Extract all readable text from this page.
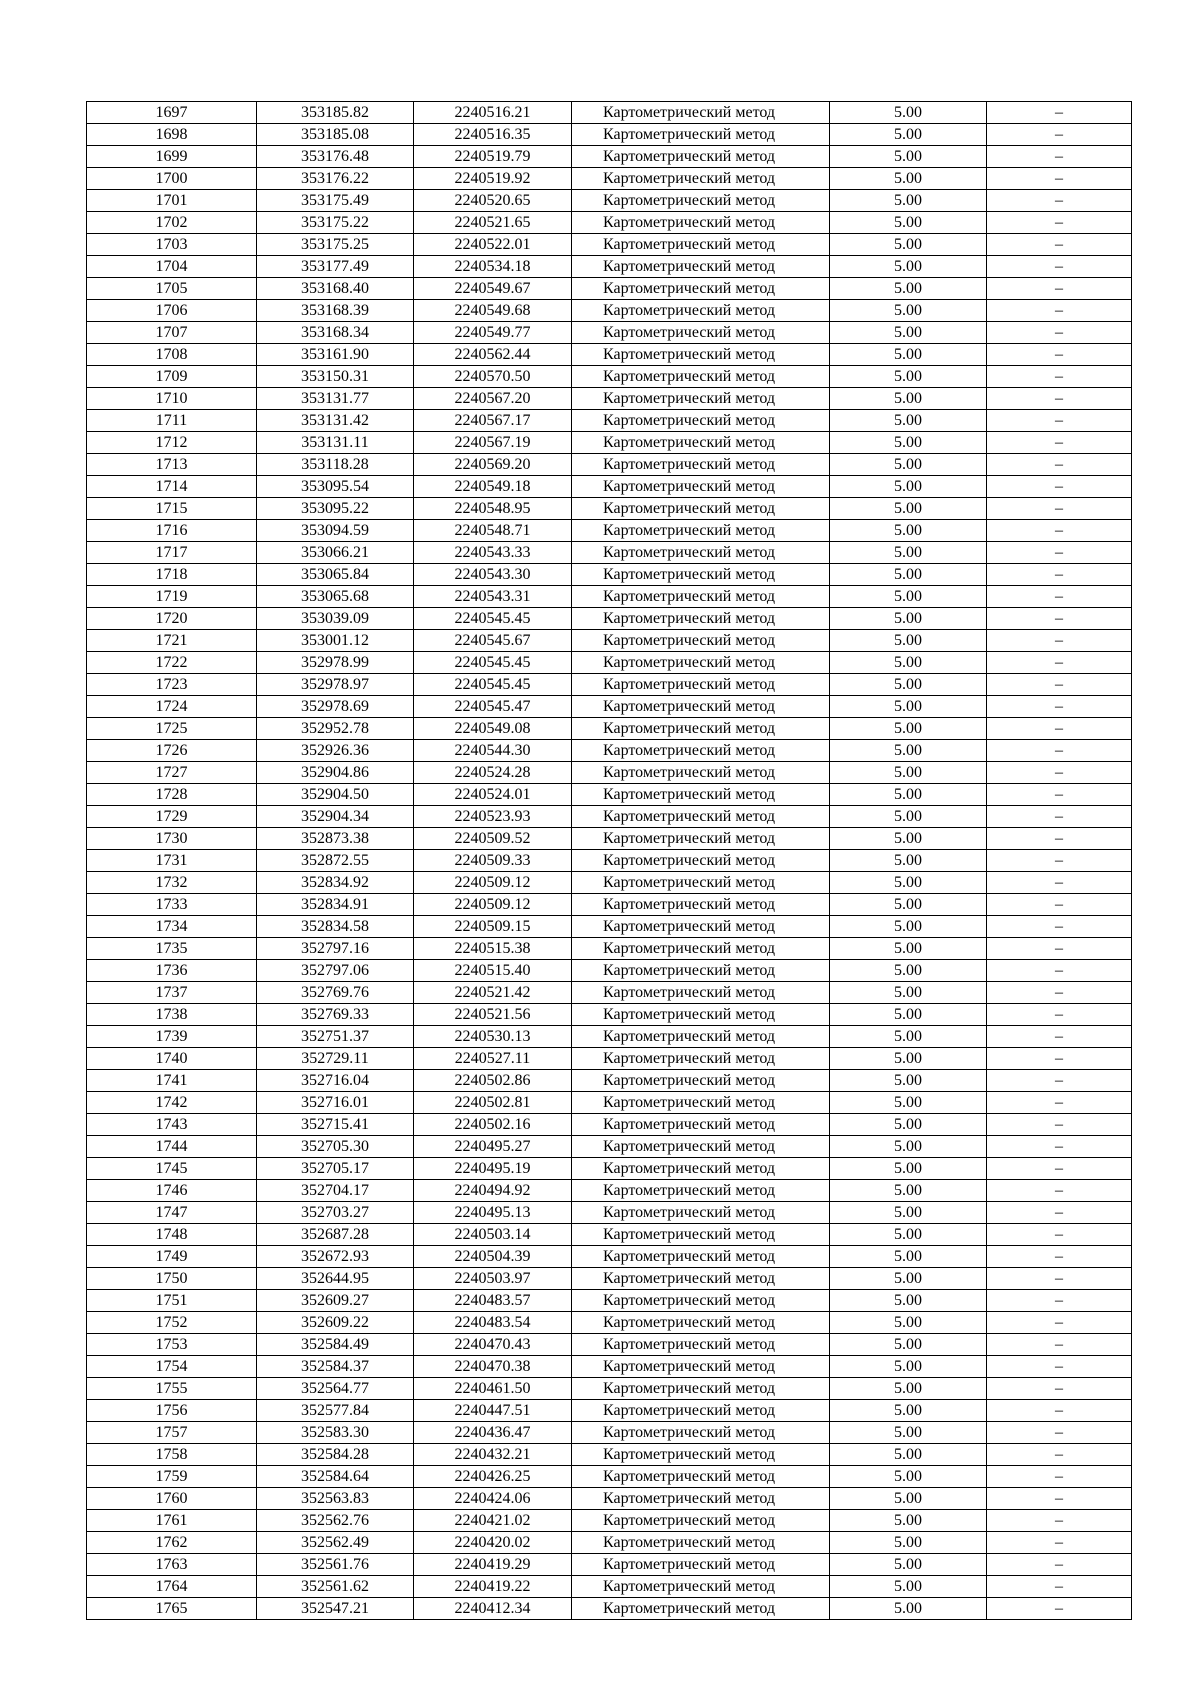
1697	353185.82	2240516.21	Картометрический метод	5.00	–
1698	353185.08	2240516.35	Картометрический метод	5.00	–
1699	353176.48	2240519.79	Картометрический метод	5.00	–
1700	353176.22	2240519.92	Картометрический метод	5.00	–
1701	353175.49	2240520.65	Картометрический метод	5.00	–
1702	353175.22	2240521.65	Картометрический метод	5.00	–
1703	353175.25	2240522.01	Картометрический метод	5.00	–
1704	353177.49	2240534.18	Картометрический метод	5.00	–
1705	353168.40	2240549.67	Картометрический метод	5.00	–
1706	353168.39	2240549.68	Картометрический метод	5.00	–
1707	353168.34	2240549.77	Картометрический метод	5.00	–
1708	353161.90	2240562.44	Картометрический метод	5.00	–
1709	353150.31	2240570.50	Картометрический метод	5.00	–
1710	353131.77	2240567.20	Картометрический метод	5.00	–
1711	353131.42	2240567.17	Картометрический метод	5.00	–
1712	353131.11	2240567.19	Картометрический метод	5.00	–
1713	353118.28	2240569.20	Картометрический метод	5.00	–
1714	353095.54	2240549.18	Картометрический метод	5.00	–
1715	353095.22	2240548.95	Картометрический метод	5.00	–
1716	353094.59	2240548.71	Картометрический метод	5.00	–
1717	353066.21	2240543.33	Картометрический метод	5.00	–
1718	353065.84	2240543.30	Картометрический метод	5.00	–
1719	353065.68	2240543.31	Картометрический метод	5.00	–
1720	353039.09	2240545.45	Картометрический метод	5.00	–
1721	353001.12	2240545.67	Картометрический метод	5.00	–
1722	352978.99	2240545.45	Картометрический метод	5.00	–
1723	352978.97	2240545.45	Картометрический метод	5.00	–
1724	352978.69	2240545.47	Картометрический метод	5.00	–
1725	352952.78	2240549.08	Картометрический метод	5.00	–
1726	352926.36	2240544.30	Картометрический метод	5.00	–
1727	352904.86	2240524.28	Картометрический метод	5.00	–
1728	352904.50	2240524.01	Картометрический метод	5.00	–
1729	352904.34	2240523.93	Картометрический метод	5.00	–
1730	352873.38	2240509.52	Картометрический метод	5.00	–
1731	352872.55	2240509.33	Картометрический метод	5.00	–
1732	352834.92	2240509.12	Картометрический метод	5.00	–
1733	352834.91	2240509.12	Картометрический метод	5.00	–
1734	352834.58	2240509.15	Картометрический метод	5.00	–
1735	352797.16	2240515.38	Картометрический метод	5.00	–
1736	352797.06	2240515.40	Картометрический метод	5.00	–
1737	352769.76	2240521.42	Картометрический метод	5.00	–
1738	352769.33	2240521.56	Картометрический метод	5.00	–
1739	352751.37	2240530.13	Картометрический метод	5.00	–
1740	352729.11	2240527.11	Картометрический метод	5.00	–
1741	352716.04	2240502.86	Картометрический метод	5.00	–
1742	352716.01	2240502.81	Картометрический метод	5.00	–
1743	352715.41	2240502.16	Картометрический метод	5.00	–
1744	352705.30	2240495.27	Картометрический метод	5.00	–
1745	352705.17	2240495.19	Картометрический метод	5.00	–
1746	352704.17	2240494.92	Картометрический метод	5.00	–
1747	352703.27	2240495.13	Картометрический метод	5.00	–
1748	352687.28	2240503.14	Картометрический метод	5.00	–
1749	352672.93	2240504.39	Картометрический метод	5.00	–
1750	352644.95	2240503.97	Картометрический метод	5.00	–
1751	352609.27	2240483.57	Картометрический метод	5.00	–
1752	352609.22	2240483.54	Картометрический метод	5.00	–
1753	352584.49	2240470.43	Картометрический метод	5.00	–
1754	352584.37	2240470.38	Картометрический метод	5.00	–
1755	352564.77	2240461.50	Картометрический метод	5.00	–
1756	352577.84	2240447.51	Картометрический метод	5.00	–
1757	352583.30	2240436.47	Картометрический метод	5.00	–
1758	352584.28	2240432.21	Картометрический метод	5.00	–
1759	352584.64	2240426.25	Картометрический метод	5.00	–
1760	352563.83	2240424.06	Картометрический метод	5.00	–
1761	352562.76	2240421.02	Картометрический метод	5.00	–
1762	352562.49	2240420.02	Картометрический метод	5.00	–
1763	352561.76	2240419.29	Картометрический метод	5.00	–
1764	352561.62	2240419.22	Картометрический метод	5.00	–
1765	352547.21	2240412.34	Картометрический метод	5.00	–
